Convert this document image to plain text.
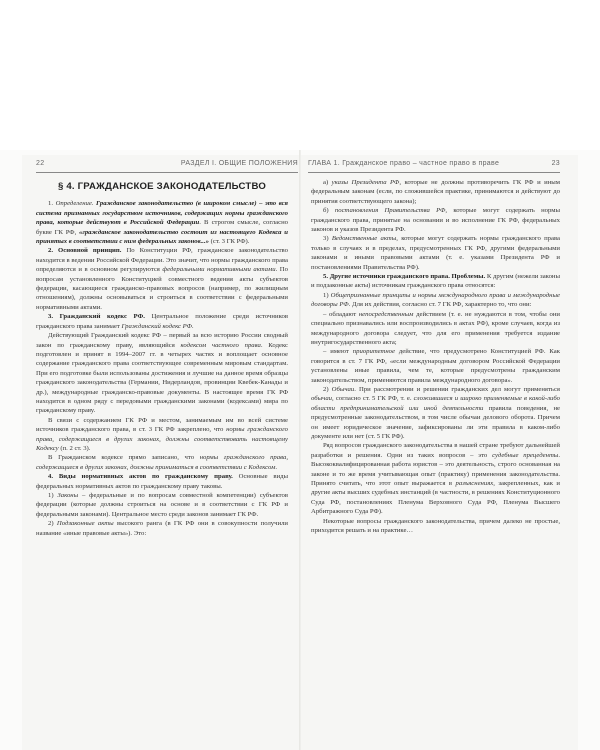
22	РАЗДЕЛ I. ОБЩИЕ ПОЛОЖЕНИЯ ГЛАВА 1. Гражданское право – частное право в праве	23
§ 4. ГРАЖДАНСКОЕ ЗАКОНОДАТЕЛЬСТВО

1. Определение. Гражданское законодательство (в широком смысле) – это вся система признанных государством источников, содержащих нормы гражданского права, которые действуют в Российской Федерации. В строгом смысле, согласно букве ГК РФ, «гражданское законодательство состоит из настоящего Кодекса и принятых в соответствии с ним федеральных законов...» (ст. 3 ГК РФ).

2. Основной принцип. По Конституции РФ, гражданское законодательство находится в ведении Российской Федерации. Это значит, что нормы гражданского права определяются и в основном регулируются федеральными нормативными актами. По вопросам установленного Конституцией совместного ведения акты субъектов федерации, касающиеся гражданско-правовых вопросов (например, по жилищным отношениям), должны основываться и строиться в соответствии с федеральными нормативными актами.

3. Гражданский кодекс РФ. Центральное положение среди источников гражданского права занимает Гражданский кодекс РФ.

Действующий Гражданский кодекс РФ – первый за всю историю России сводный закон по гражданскому праву, являющийся кодексом частного права. Кодекс подготовлен и принят в 1994–2007 гг. в четырех частях и воплощает основное содержание гражданского права соответствующее современным мировым стандартам. При его подготовке были использованы достижения и лучшие на данное время образцы гражданского законодательства (Германии, Нидерландов, провинции Квебек-Канады и др.), международные гражданско-правовые документы. В настоящее время ГК РФ находится в одном ряду с передовыми гражданскими законами (кодексами) мира по гражданскому праву.

В связи с содержанием ГК РФ и местом, занимаемым им во всей системе источников гражданского права, в ст. 3 ГК РФ закреплено, что нормы гражданского права, содержащиеся в других законах, должны соответствовать настоящему Кодексу (п. 2 ст. 3).

В Гражданском кодексе прямо записано, что нормы гражданского права, содержащиеся в других законах, должны приниматься в соответствии с Кодексом.

4. Виды нормативных актов по гражданскому праву. Основные виды федеральных нормативных актов по гражданскому праву таковы.

1) Законы – федеральные и по вопросам совместной компетенции) субъектов федерации (которые должны строиться на основе и в соответствии с ГК РФ и федеральными законами). Центральное место среди законов занимает ГК РФ.

2) Подзаконные акты высокого ранга (в ГК РФ они в совокупности получили название «иные правовые акты»). Это:

а) указы Президента РФ, которые не должны противоречить ГК РФ и иным федеральным законам (если, по сложившейся практике, принимаются и действуют до принятия соответствующего закона);

б) постановления Правительства РФ, которые могут содержать нормы гражданского права, принятые на основании и во исполнение ГК РФ, федеральных законов и указов Президента РФ.

3) Ведомственные акты, которые могут содержать нормы гражданского права только в случаях и в пределах, предусмотренных ГК РФ, другими федеральными законами и иными правовыми актами (т. е. указами Президента РФ и постановлениями Правительства РФ).

5. Другие источники гражданского права. Проблемы. К другим (нежели законы и подзаконные акты) источникам гражданского права относятся:

1) Общепризнанные принципы и нормы международного права и международные договоры РФ. Для их действия, согласно ст. 7 ГК РФ, характерно то, что они:

– обладают непосредственным действием (т. е. не нуждаются в том, чтобы они специально признавались или воспроизводились в актах РФ), кроме случаев, когда из международного договора следует, что для его применения требуется издание внутригосударственного акта;

– имеют приоритетное действие, что предусмотрено Конституцией РФ. Как говорится в ст. 7 ГК РФ, «если международным договором Российской Федерации установлены иные правила, чем те, которые предусмотрены гражданским законодательством, применяются правила международного договора».

2) Обычаи. При рассмотрении и решении гражданских дел могут применяться обычаи, согласно ст. 5 ГК РФ, т. е. сложившиеся и широко применяемые в какой-либо области предпринимательской или иной деятельности правила поведения, не предусмотренные законодательством, в том числе обычаи делового оборота. Причем он имеет юридическое значение, зафиксированы ли эти правила в каком-либо документе или нет (ст. 5 ГК РФ).

Ряд вопросов гражданского законодательства в нашей стране требуют дальнейшей разработки и решения. Одни из таких вопросов – это судебные прецеденты. Высококвалифицированная работа юристов – это деятельность, строго основанная на законе и то же время учитывающая опыт (практику) применения законодательства. Принято считать, что этот опыт выражается в разъяснениях, закрепленных, как и другие акты высших судебных инстанций (в частности, в решениях Конституционного Суда РФ, постановлениях Пленума Верховного Суда РФ, Пленума Высшего Арбитражного Суда РФ).

Некоторые вопросы гражданского законодательства, причем далеко не простые, приходится решать и на практике…
